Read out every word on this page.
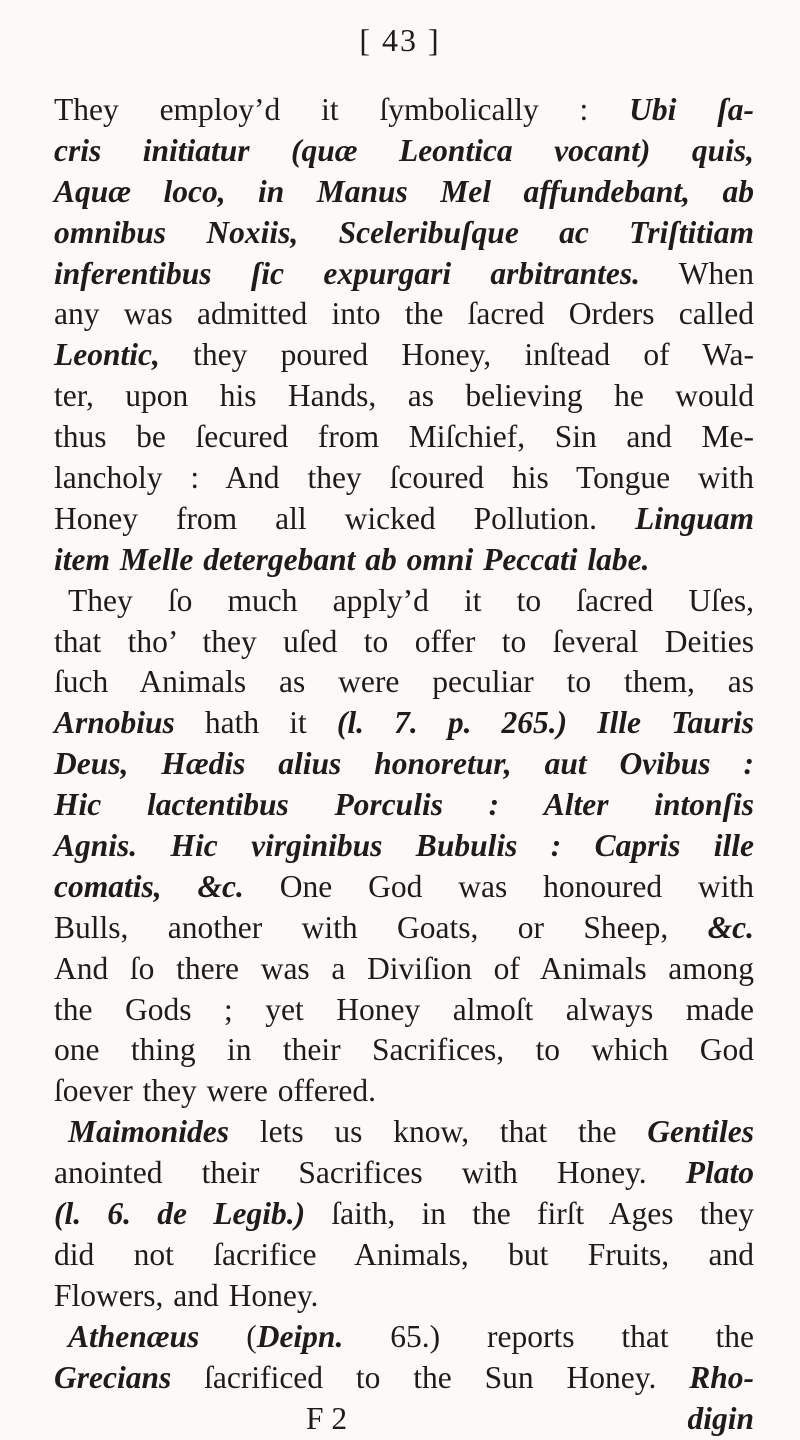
[ 43 ]
They employ’d it ſymbolically : Ubi ſa-
cris initiatur (quæ Leontica vocant) quis,
Aquæ loco, in Manus Mel affundebant, ab
omnibus Noxiis, Sceleribuſque ac Triſtitiam
inferentibus ſic expurgari arbitrantes. When
any was admitted into the ſacred Orders called
Leontic, they poured Honey, inſtead of Wa-
ter, upon his Hands, as believing he would
thus be ſecured from Miſchief, Sin and Me-
lancholy : And they ſcoured his Tongue with
Honey from all wicked Pollution. Linguam
item Melle detergebant ab omni Peccati labe.
They ſo much apply’d it to ſacred Uſes,
that tho’ they uſed to offer to ſeveral Deities
ſuch Animals as were peculiar to them, as
Arnobius hath it (l. 7. p. 265.) Ille Tauris
Deus, Hædis alius honoretur, aut Ovibus :
Hic lactentibus Porculis : Alter intonſis
Agnis. Hic virginibus Bubulis : Capris ille
comatis, &c. One God was honoured with
Bulls, another with Goats, or Sheep, &c.
And ſo there was a Diviſion of Animals among
the Gods ; yet Honey almoſt always made
one thing in their Sacrifices, to which God
ſoever they were offered.
Maimonides lets us know, that the Gentiles
anointed their Sacrifices with Honey. Plato
(l. 6. de Legib.) ſaith, in the firſt Ages they
did not ſacrifice Animals, but Fruits, and
Flowers, and Honey.
Athenæus (Deipn. 65.) reports that the
Grecians ſacrificed to the Sun Honey. Rho-
F 2	digin
